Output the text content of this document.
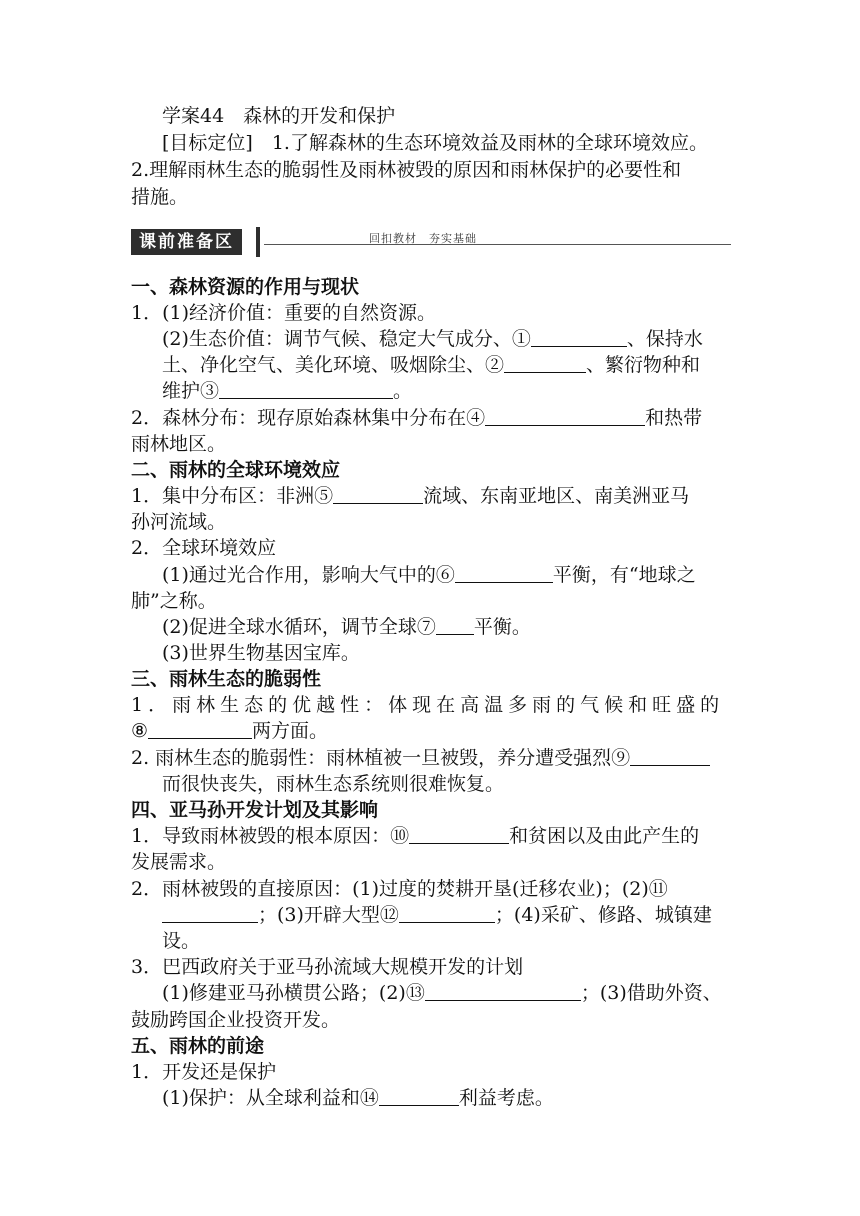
学案44　森林的开发和保护
[目标定位]　1.了解森林的生态环境效益及雨林的全球环境效应。
2.理解雨林生态的脆弱性及雨林被毁的原因和雨林保护的必要性和
措施。
课前准备区	回扣教材　夯实基础
一、森林资源的作用与现状
1．(1)经济价值：重要的自然资源。
(2)生态价值：调节气候、稳定大气成分、①	、保持水
土、净化空气、美化环境、吸烟除尘、②	、繁衍物种和
维护③	。
2．森林分布：现存原始森林集中分布在④	和热带
雨林地区。
二、雨林的全球环境效应
1．集中分布区：非洲⑤	流域、东南亚地区、南美洲亚马
孙河流域。
2．全球环境效应
(1)通过光合作用，影响大气中的⑥	平衡，有“地球之
肺”之称。
(2)促进全球水循环，调节全球⑦ 平衡。
(3)世界生物基因宝库。
三、雨林生态的脆弱性
1．雨林生态的优越性：体现在高温多雨的气候和旺盛的
⑧	两方面。
2. 雨林生态的脆弱性：雨林植被一旦被毁，养分遭受强烈⑨
而很快丧失，雨林生态系统则很难恢复。
四、亚马孙开发计划及其影响
1．导致雨林被毁的根本原因：⑩	和贫困以及由此产生的
发展需求。
2．雨林被毁的直接原因：(1)过度的焚耕开垦(迁移农业)；(2)⑪
；(3)开辟大型⑫	；(4)采矿、修路、城镇建
设。
3．巴西政府关于亚马孙流域大规模开发的计划
(1)修建亚马孙横贯公路；(2)⑬	；(3)借助外资、
鼓励跨国企业投资开发。
五、雨林的前途
1．开发还是保护
(1)保护：从全球利益和⑭	利益考虑。
